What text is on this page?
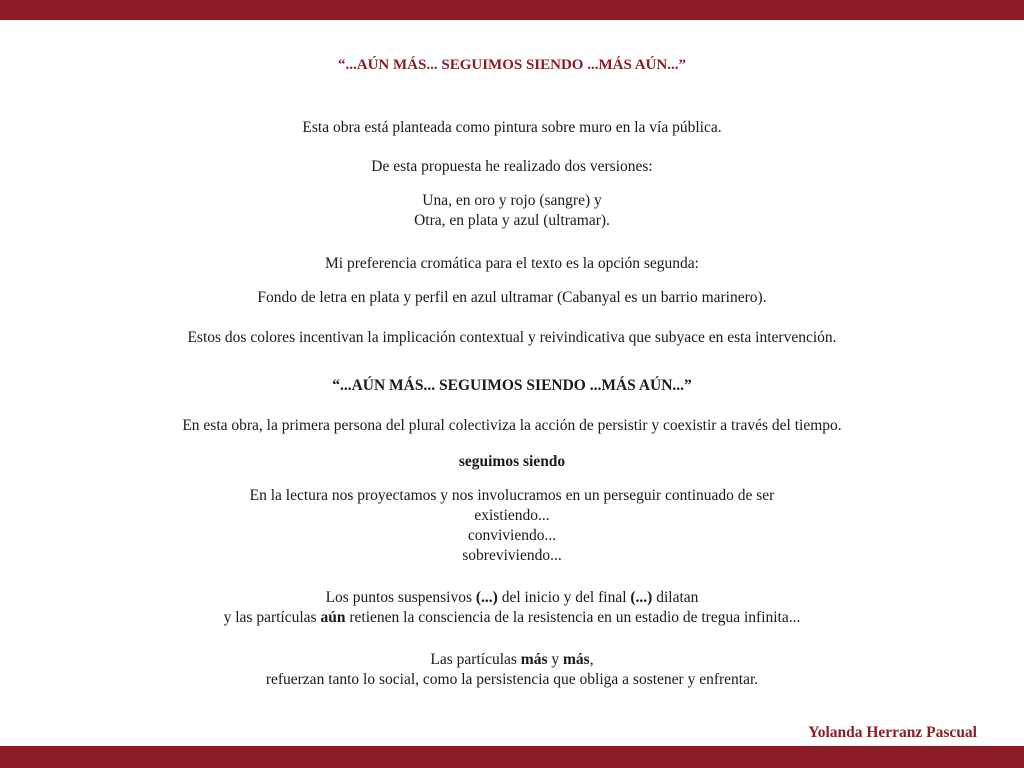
“...AÚN MÁS... SEGUIMOS SIENDO ...MÁS AÚN...”
Esta obra está planteada como pintura sobre muro en la vía pública.
De esta propuesta he realizado dos versiones:
Una, en oro y rojo (sangre) y
Otra, en plata y azul (ultramar).
Mi preferencia cromática para el texto es la opción segunda:
Fondo de letra en plata y perfil en azul ultramar (Cabanyal es un barrio marinero).
Estos dos colores incentivan la implicación contextual y reivindicativa que subyace en esta intervención.
“...AÚN MÁS... SEGUIMOS SIENDO ...MÁS AÚN...”
En esta obra, la primera persona del plural colectiviza la acción de persistir y coexistir a través del tiempo.
seguimos siendo
En la lectura nos proyectamos y nos involucramos en un perseguir continuado de ser
existiendo...
conviviendo...
sobreviviendo...
Los puntos suspensivos (...) del inicio y del final (...) dilatan
y las partículas aún retienen la consciencia de la resistencia en un estadio de tregua infinita...
Las partículas más y más,
refuerzan tanto lo social, como la persistencia que obliga a sostener y enfrentar.
Yolanda Herranz Pascual
